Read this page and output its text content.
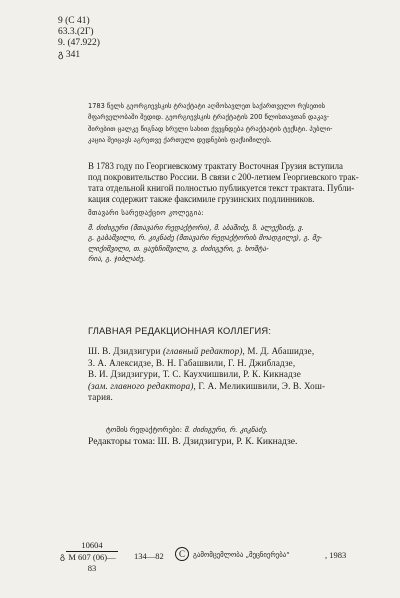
9 (C 41)
63.3.(2Г)
9. (47.922)
გ 341
1783 წელს გეორგიევსკის ტრაქტატი აღმოსავლეთ საქართველო რუსეთის
მფარველობაში შედიდ. გეორგიევსკის ტრაქტატის 200 წლისთავთან დაკავ-
შირებით ცალკე წიგნად სრული სახით ქვეყნდება ტრაქტატის ტექსტი. პუბლი-
კაცია შეიცავს აგრეთვე ქართული დედნების ფაქსიმილეს.
В 1783 году по Георгиевскому трактату Восточная Грузия вступила
под покровительство России. В связи с 200-летием Георгиевского трак-
тата отдельной книгой полностью публикуется текст трактата. Публи-
кация содержит также факсимиле грузинских подлинников.
მთავარი სარედაქციო კოლეგია:
შ. ძიძიგური (მთავარი რედაქტორი), მ. აბაშიძე, ზ. ალექსიძე, ვ.
გ. გაბაშვილი, რ. კიკნაძე (მთავარი რედაქტორის მოადგილე), გ. მე-
ლიქიშვილი, თ. ყაუხჩიშვილი, ვ. ძიძიგური, ე. ხოშტა-
რია, გ. ჯიბლაძე.
ГЛАВНАЯ РЕДАКЦИОННАЯ КОЛЛЕГИЯ:
Ш. В. Дзидзигури (главный редактор), М. Д. Абашидзе,
З. А. Алексидзе, В. Н. Габашвили, Г. Н. Джибладзе,
В. И. Дзидзигури, Т. С. Каухчишвили, Р. К. Кикнадзе
(зам. главного редактора), Г. А. Меликишвили, Э. В. Хош-
тария.
ტომის რედაქტორები: შ. ძიძიგური, რ. კიკნაძე.
Редакторы тома: Ш. В. Дзидзигури, Р. К. Кикнадзе.
გ
10604
М 607 (06)—83
134—82	C	გამომცემლობა „მეცნიერება“	, 1983
